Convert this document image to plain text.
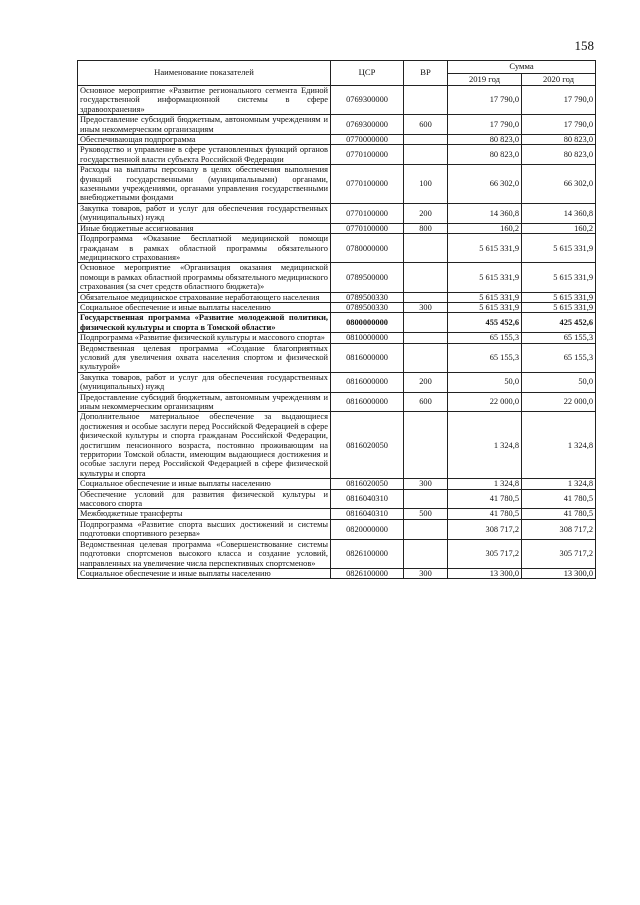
158
Наименование показателей	ЦСР	ВР	Сумма	
			2019 год	2020 год
Основное мероприятие «Развитие регионального сегмента Единой государственной информационной системы в сфере здравоохранения»	0769300000		17 790,0	17 790,0
Предоставление субсидий бюджетным, автономным учреждениям и иным некоммерческим организациям	0769300000	600	17 790,0	17 790,0
Обеспечивающая подпрограмма	0770000000		80 823,0	80 823,0
Руководство и управление в сфере установленных функций органов государственной власти субъекта Российской Федерации	0770100000		80 823,0	80 823,0
Расходы на выплаты персоналу в целях обеспечения выполнения функций государственными (муниципальными) органами, казенными учреждениями, органами управления государственными внебюджетными фондами	0770100000	100	66 302,0	66 302,0
Закупка товаров, работ и услуг для обеспечения государственных (муниципальных) нужд	0770100000	200	14 360,8	14 360,8
Иные бюджетные ассигнования	0770100000	800	160,2	160,2
Подпрограмма «Оказание бесплатной медицинской помощи гражданам в рамках областной программы обязательного медицинского страхования»	0780000000		5 615 331,9	5 615 331,9
Основное мероприятие «Организация оказания медицинской помощи в рамках областной программы обязательного медицинского страхования (за счет средств областного бюджета)»	0789500000		5 615 331,9	5 615 331,9
Обязательное медицинское страхование неработающего населения	0789500330		5 615 331,9	5 615 331,9
Социальное обеспечение и иные выплаты населению	0789500330	300	5 615 331,9	5 615 331,9
Государственная программа «Развитие молодежной политики, физической культуры и спорта в Томской области»	0800000000		455 452,6	425 452,6
Подпрограмма «Развитие физической культуры и массового спорта»	0810000000		65 155,3	65 155,3
Ведомственная целевая программа «Создание благоприятных условий для увеличения охвата населения спортом и физической культурой»	0816000000		65 155,3	65 155,3
Закупка товаров, работ и услуг для обеспечения государственных (муниципальных) нужд	0816000000	200	50,0	50,0
Предоставление субсидий бюджетным, автономным учреждениям и иным некоммерческим организациям	0816000000	600	22 000,0	22 000,0
Дополнительное материальное обеспечение за выдающиеся достижения и особые заслуги перед Российской Федерацией в сфере физической культуры и спорта гражданам Российской Федерации, достигшим пенсионного возраста, постоянно проживающим на территории Томской области, имеющим выдающиеся достижения и особые заслуги перед Российской Федерацией в сфере физической культуры и спорта	0816020050		1 324,8	1 324,8
Социальное обеспечение и иные выплаты населению	0816020050	300	1 324,8	1 324,8
Обеспечение условий для развития физической культуры и массового спорта	0816040310		41 780,5	41 780,5
Межбюджетные трансферты	0816040310	500	41 780,5	41 780,5
Подпрограмма «Развитие спорта высших достижений и системы подготовки спортивного резерва»	0820000000		308 717,2	308 717,2
Ведомственная целевая программа «Совершенствование системы подготовки спортсменов высокого класса и создание условий, направленных на увеличение числа перспективных спортсменов»	0826100000		305 717,2	305 717,2
Социальное обеспечение и иные выплаты населению	0826100000	300	13 300,0	13 300,0
